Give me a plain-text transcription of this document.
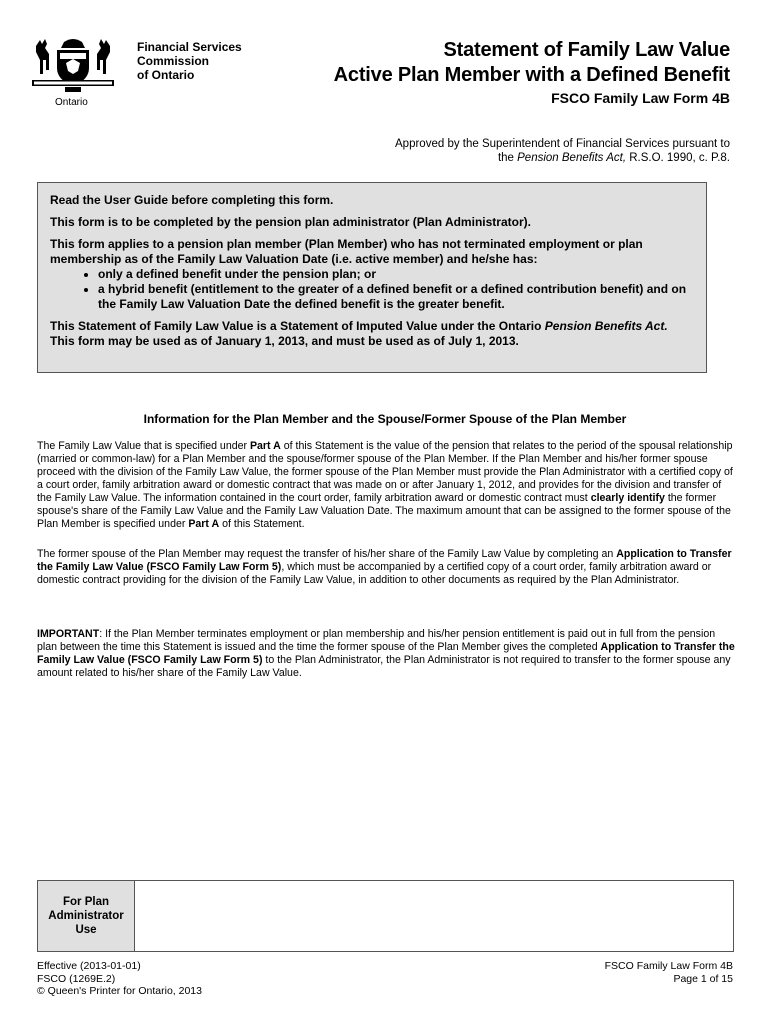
Ontario
Financial Services
Commission
of Ontario
Statement of Family Law Value
Active Plan Member with a Defined Benefit
FSCO Family Law Form 4B
Approved by the Superintendent of Financial Services pursuant to
the Pension Benefits Act, R.S.O. 1990, c. P.8.

Read the User Guide before completing this form.

This form is to be completed by the pension plan administrator (Plan Administrator).

This form applies to a pension plan member (Plan Member) who has not terminated employment or plan membership as of the Family Law Valuation Date (i.e. active member) and he/she has:

• only a defined benefit under the pension plan; or
• a hybrid benefit (entitlement to the greater of a defined benefit or a defined contribution benefit) and on the Family Law Valuation Date the defined benefit is the greater benefit.

This Statement of Family Law Value is a Statement of Imputed Value under the Ontario Pension Benefits Act.

This form may be used as of January 1, 2013, and must be used as of July 1, 2013.

Information for the Plan Member and the Spouse/Former Spouse of the Plan Member
The Family Law Value that is specified under Part A of this Statement is the value of the pension that relates to the period of the spousal relationship (married or common-law) for a Plan Member and the spouse/former spouse of the Plan Member. If the Plan Member and his/her former spouse proceed with the division of the Family Law Value, the former spouse of the Plan Member must provide the Plan Administrator with a certified copy of a court order, family arbitration award or domestic contract that was made on or after January 1, 2012, and provides for the division and transfer of the Family Law Value. The information contained in the court order, family arbitration award or domestic contract must clearly identify the former spouse's share of the Family Law Value and the Family Law Valuation Date. The maximum amount that can be assigned to the former spouse of the Plan Member is specified under Part A of this Statement.
The former spouse of the Plan Member may request the transfer of his/her share of the Family Law Value by completing an Application to Transfer the Family Law Value (FSCO Family Law Form 5), which must be accompanied by a certified copy of a court order, family arbitration award or domestic contract providing for the division of the Family Law Value, in addition to other documents as required by the Plan Administrator.
IMPORTANT: If the Plan Member terminates employment or plan membership and his/her pension entitlement is paid out in full from the pension plan between the time this Statement is issued and the time the former spouse of the Plan Member gives the completed Application to Transfer the Family Law Value (FSCO Family Law Form 5) to the Plan Administrator, the Plan Administrator is not required to transfer to the former spouse any amount related to his/her share of the Family Law Value.
For Plan
Administrator
Use
Effective (2013-01-01)
FSCO (1269E.2)
© Queen's Printer for Ontario, 2013
FSCO Family Law Form 4B
Page 1 of 15
